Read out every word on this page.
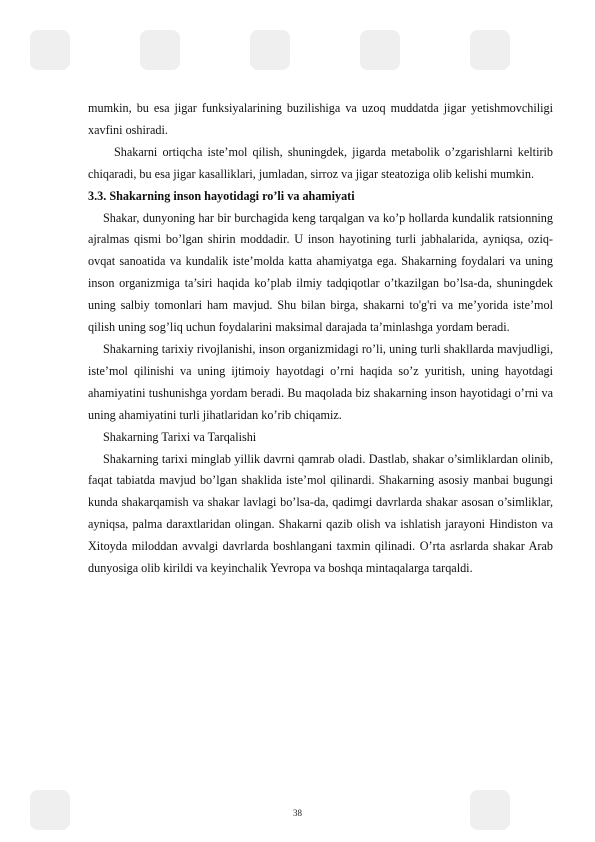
mumkin, bu esa jigar funksiyalarining buzilishiga va uzoq muddatda jigar yetishmovchiligi xavfini oshiradi.

Shakarni ortiqcha iste’mol qilish, shuningdek, jigarda metabolik o’zgarishlarni keltirib chiqaradi, bu esa jigar kasalliklari, jumladan, sirroz va jigar steatoziga olib kelishi mumkin.

3.3. Shakarning inson hayotidagi ro’li va ahamiyati

Shakar, dunyoning har bir burchagida keng tarqalgan va ko’p hollarda kundalik ratsionning ajralmas qismi bo’lgan shirin moddadir. U inson hayotining turli jabhalarida, ayniqsa, oziq-ovqat sanoatida va kundalik iste’molda katta ahamiyatga ega. Shakarning foydalari va uning inson organizmiga ta’siri haqida ko’plab ilmiy tadqiqotlar o’tkazilgan bo’lsa-da, shuningdek uning salbiy tomonlari ham mavjud. Shu bilan birga, shakarni to'g'ri va me’yorida iste’mol qilish uning sog’liq uchun foydalarini maksimal darajada ta’minlashga yordam beradi.

Shakarning tarixiy rivojlanishi, inson organizmidagi ro’li, uning turli shakllarda mavjudligi, iste’mol qilinishi va uning ijtimoiy hayotdagi o’rni haqida so’z yuritish, uning hayotdagi ahamiyatini tushunishga yordam beradi. Bu maqolada biz shakarning inson hayotidagi o’rni va uning ahamiyatini turli jihatlaridan ko’rib chiqamiz.

Shakarning Tarixi va Tarqalishi

Shakarning tarixi minglab yillik davrni qamrab oladi. Dastlab, shakar o’simliklardan olinib, faqat tabiatda mavjud bo’lgan shaklida iste’mol qilinardi. Shakarning asosiy manbai bugungi kunda shakarqamish va shakar lavlagi bo’lsa-da, qadimgi davrlarda shakar asosan o’simliklar, ayniqsa, palma daraxtlaridan olingan. Shakarni qazib olish va ishlatish jarayoni Hindiston va Xitoyda miloddan avvalgi davrlarda boshlangani taxmin qilinadi. O’rta asrlarda shakar Arab dunyosiga olib kirildi va keyinchalik Yevropa va boshqa mintaqalarga tarqaldi.

38
